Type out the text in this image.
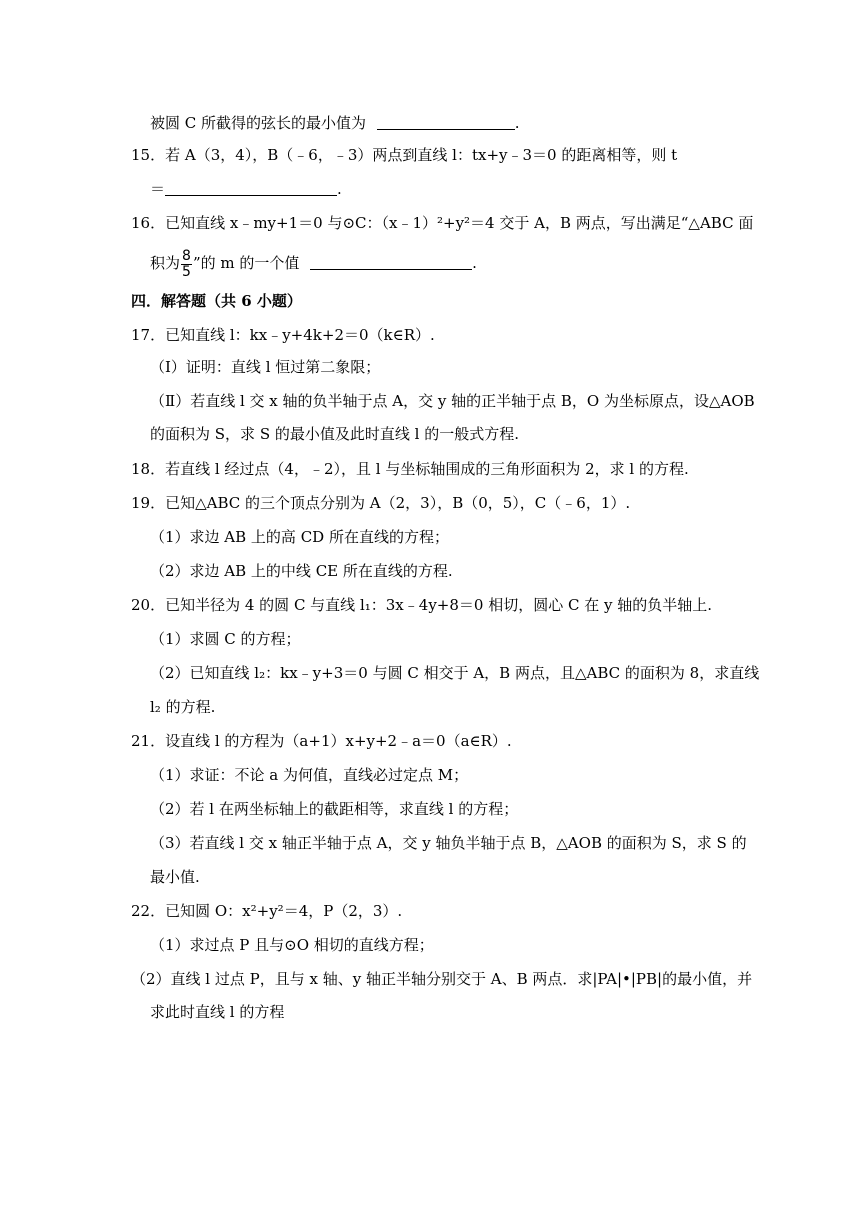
被圆 C 所截得的弦长的最小值为	.
15．若 A（3，4），B（﹣6，﹣3）两点到直线 l：tx+y﹣3＝0 的距离相等，则 t
＝	.
16．已知直线 x﹣my+1＝0 与⊙C：（x﹣1）²+y²＝4 交于 A，B 两点，写出满足“△ABC 面
积为 $\frac{8}{5}$ ”的 m 的一个值	.
四．解答题（共 6 小题）
17．已知直线 l：kx﹣y+4k+2＝0（k∈R）.
（Ⅰ）证明：直线 l 恒过第二象限；
（Ⅱ）若直线 l 交 x 轴的负半轴于点 A，交 y 轴的正半轴于点 B，O 为坐标原点，设△AOB
的面积为 S，求 S 的最小值及此时直线 l 的一般式方程.
18．若直线 l 经过点（4，﹣2），且 l 与坐标轴围成的三角形面积为 2，求 l 的方程.
19．已知△ABC 的三个顶点分别为 A（2，3），B（0，5），C（﹣6，1）.
（1）求边 AB 上的高 CD 所在直线的方程；
（2）求边 AB 上的中线 CE 所在直线的方程.
20．已知半径为 4 的圆 C 与直线 l₁：3x﹣4y+8＝0 相切，圆心 C 在 y 轴的负半轴上.
（1）求圆 C 的方程；
（2）已知直线 l₂：kx﹣y+3＝0 与圆 C 相交于 A，B 两点，且△ABC 的面积为 8，求直线
l₂ 的方程.
21．设直线 l 的方程为（a+1）x+y+2﹣a＝0（a∈R）.
（1）求证：不论 a 为何值，直线必过定点 M；
（2）若 l 在两坐标轴上的截距相等，求直线 l 的方程；
（3）若直线 l 交 x 轴正半轴于点 A，交 y 轴负半轴于点 B，△AOB 的面积为 S，求 S 的
最小值.
22．已知圆 O：x²+y²＝4，P（2，3）.
（1）求过点 P 且与⊙O 相切的直线方程；
（2）直线 l 过点 P，且与 x 轴、y 轴正半轴分别交于 A、B 两点．求|PA|•|PB|的最小值，并
求此时直线 l 的方程
